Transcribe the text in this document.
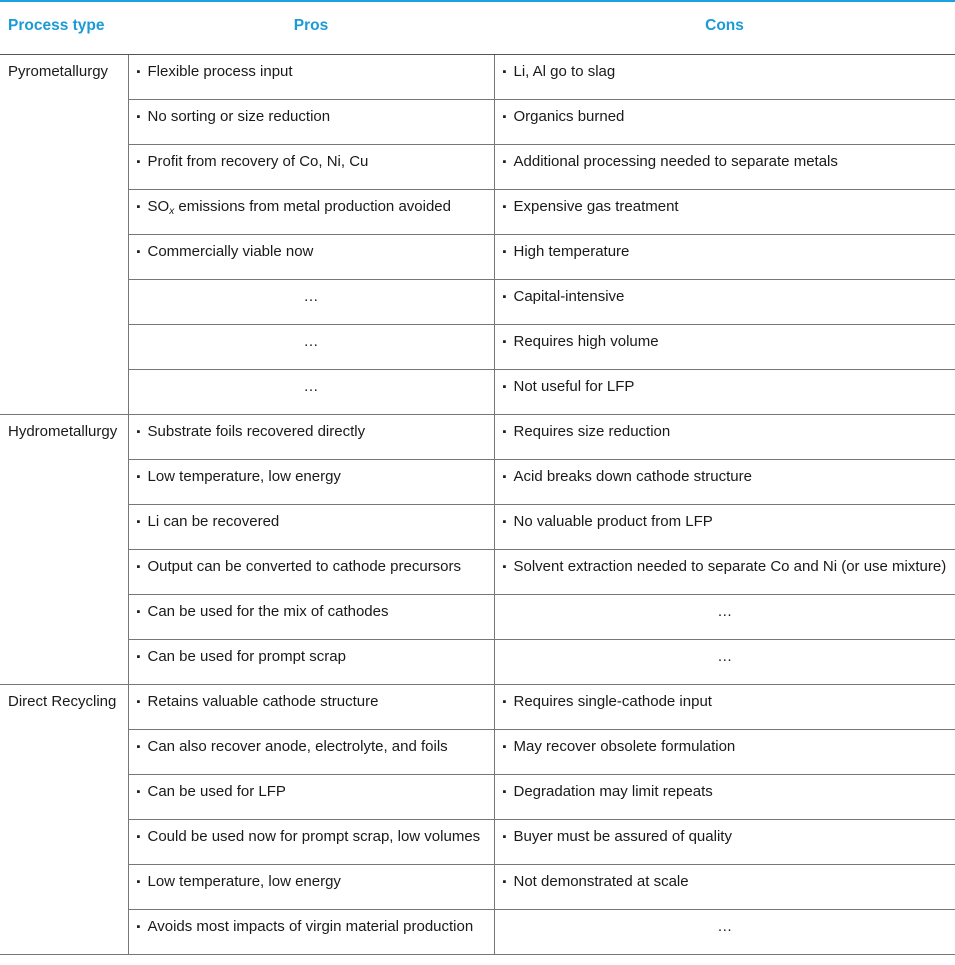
Process type	Pros	Cons

Pyrometallurgy	▪ Flexible process input	▪ Li, Al go to slag

	▪ No sorting or size reduction	▪ Organics burned

	▪ Profit from recovery of Co, Ni, Cu	▪ Additional processing needed to separate metals

	▪ $SO_x$ emissions from metal production avoided	▪ Expensive gas treatment

	▪ Commercially viable now	▪ High temperature

	…	▪ Capital-intensive

	…	▪ Requires high volume

	…	▪ Not useful for LFP

Hydrometallurgy	▪ Substrate foils recovered directly	▪ Requires size reduction

	▪ Low temperature, low energy	▪ Acid breaks down cathode structure

	▪ Li can be recovered	▪ No valuable product from LFP

	▪ Output can be converted to cathode precursors	▪ Solvent extraction needed to separate Co and Ni (or use mixture)

	▪ Can be used for the mix of cathodes	…

	▪ Can be used for prompt scrap	…

Direct Recycling	▪ Retains valuable cathode structure	▪ Requires single-cathode input

	▪ Can also recover anode, electrolyte, and foils	▪ May recover obsolete formulation

	▪ Can be used for LFP	▪ Degradation may limit repeats

	▪ Could be used now for prompt scrap, low volumes	▪ Buyer must be assured of quality

	▪ Low temperature, low energy	▪ Not demonstrated at scale

	▪ Avoids most impacts of virgin material production	…
